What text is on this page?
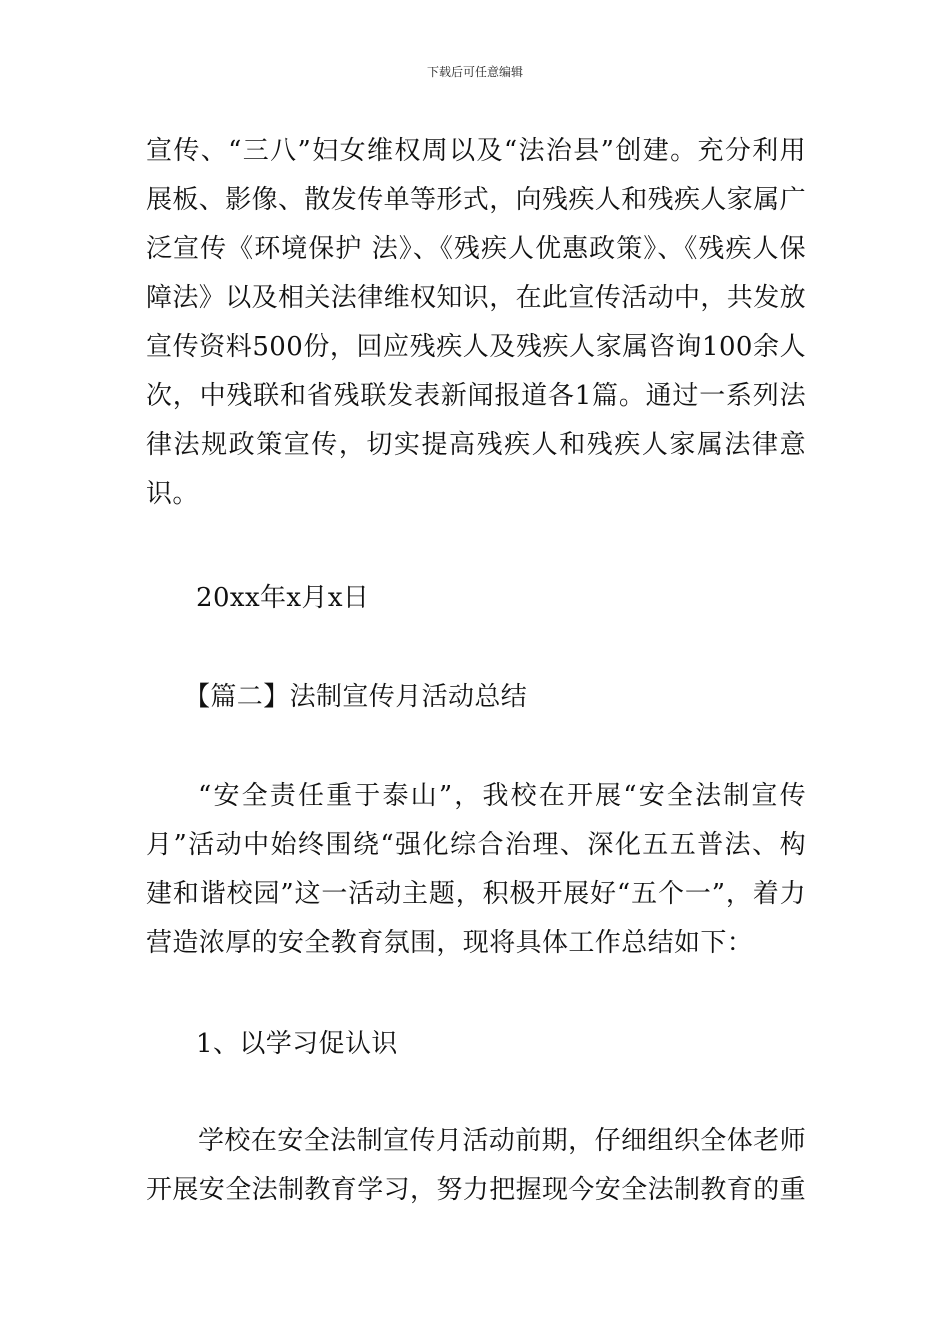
下载后可任意编辑
宣传、“三八”妇女维权周以及“法治县”创建。充分利用展板、影像、散发传单等形式，向残疾人和残疾人家属广泛宣传《环境保护 法》、《残疾人优惠政策》、《残疾人保障法》以及相关法律维权知识，在此宣传活动中，共发放宣传资料500份，回应残疾人及残疾人家属咨询100余人次，中残联和省残联发表新闻报道各1篇。通过一系列法律法规政策宣传，切实提高残疾人和残疾人家属法律意识。
20xx年x月x日
【篇二】法制宣传月活动总结
“安全责任重于泰山”，我校在开展“安全法制宣传月”活动中始终围绕“强化综合治理、深化五五普法、构建和谐校园”这一活动主题，积极开展好“五个一”，着力营造浓厚的安全教育氛围，现将具体工作总结如下：
1、以学习促认识
学校在安全法制宣传月活动前期，仔细组织全体老师开展安全法制教育学习，努力把握现今安全法制教育的重
